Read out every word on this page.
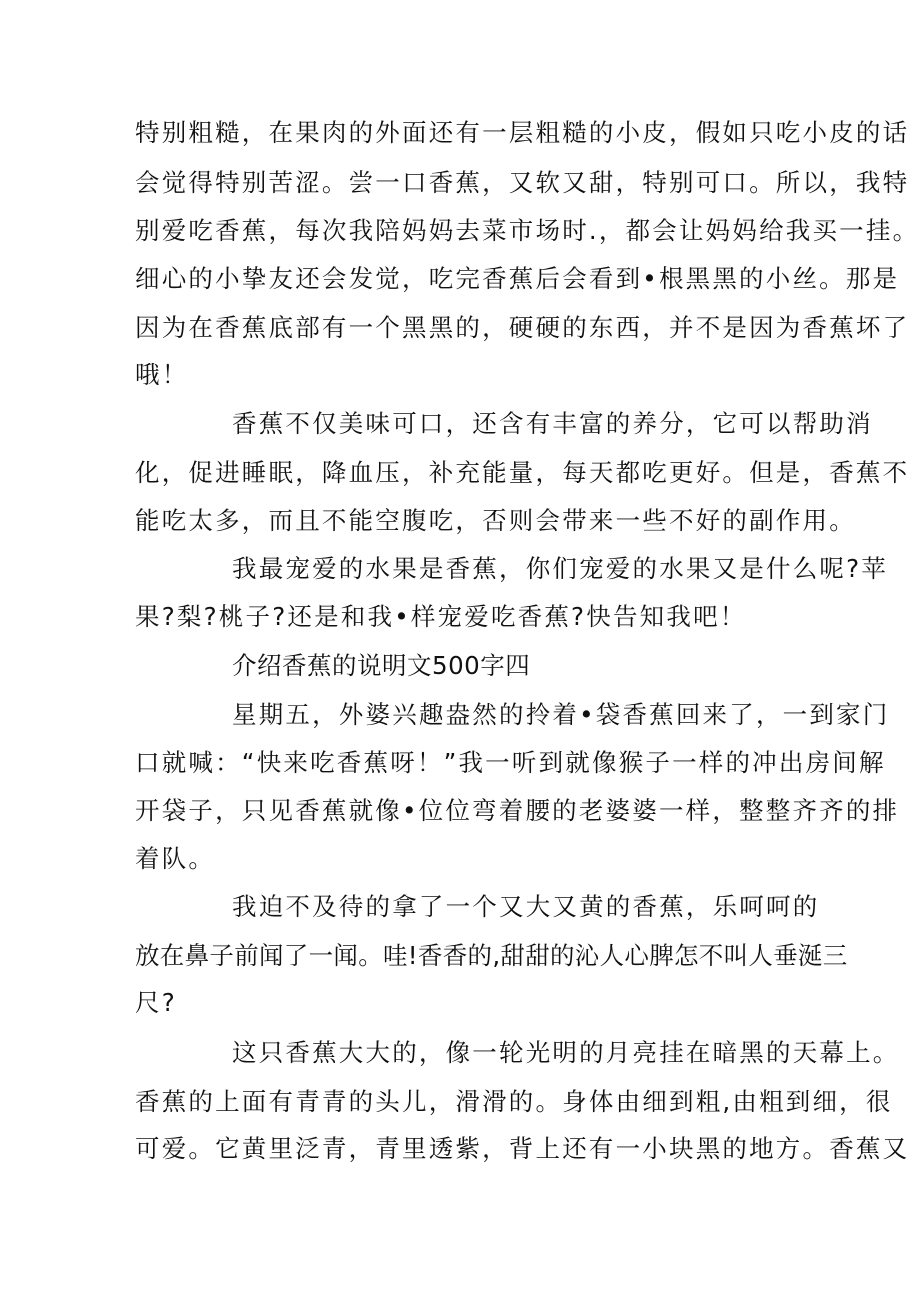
特别粗糙，在果肉的外面还有一层粗糙的小皮，假如只吃小皮的话
会觉得特别苦涩。尝一口香蕉，又软又甜，特别可口。所以，我特
别爱吃香蕉，每次我陪妈妈去菜市场时.，都会让妈妈给我买一挂。
细心的小挚友还会发觉，吃完香蕉后会看到•根黑黑的小丝。那是
因为在香蕉底部有一个黑黑的，硬硬的东西，并不是因为香蕉坏了
哦！
香蕉不仅美味可口，还含有丰富的养分，它可以帮助消
化，促进睡眠，降血压，补充能量，每天都吃更好。但是，香蕉不
能吃太多，而且不能空腹吃，否则会带来一些不好的副作用。
我最宠爱的水果是香蕉，你们宠爱的水果又是什么呢?苹
果?梨?桃子?还是和我•样宠爱吃香蕉?快告知我吧！
介绍香蕉的说明文500字四
星期五，外婆兴趣盎然的拎着•袋香蕉回来了，一到家门
口就喊：“快来吃香蕉呀！”我一听到就像猴子一样的冲出房间解
开袋子，只见香蕉就像•位位弯着腰的老婆婆一样，整整齐齐的排
着队。
我迫不及待的拿了一个又大又黄的香蕉，乐呵呵的
放在鼻子前闻了一闻。哇!香香的,甜甜的沁人心脾怎不叫人垂涎三
尺?
这只香蕉大大的，像一轮光明的月亮挂在暗黑的天幕上。
香蕉的上面有青青的头儿，滑滑的。身体由细到粗,由粗到细，很
可爱。它黄里泛青，青里透紫，背上还有一小块黑的地方。香蕉又
